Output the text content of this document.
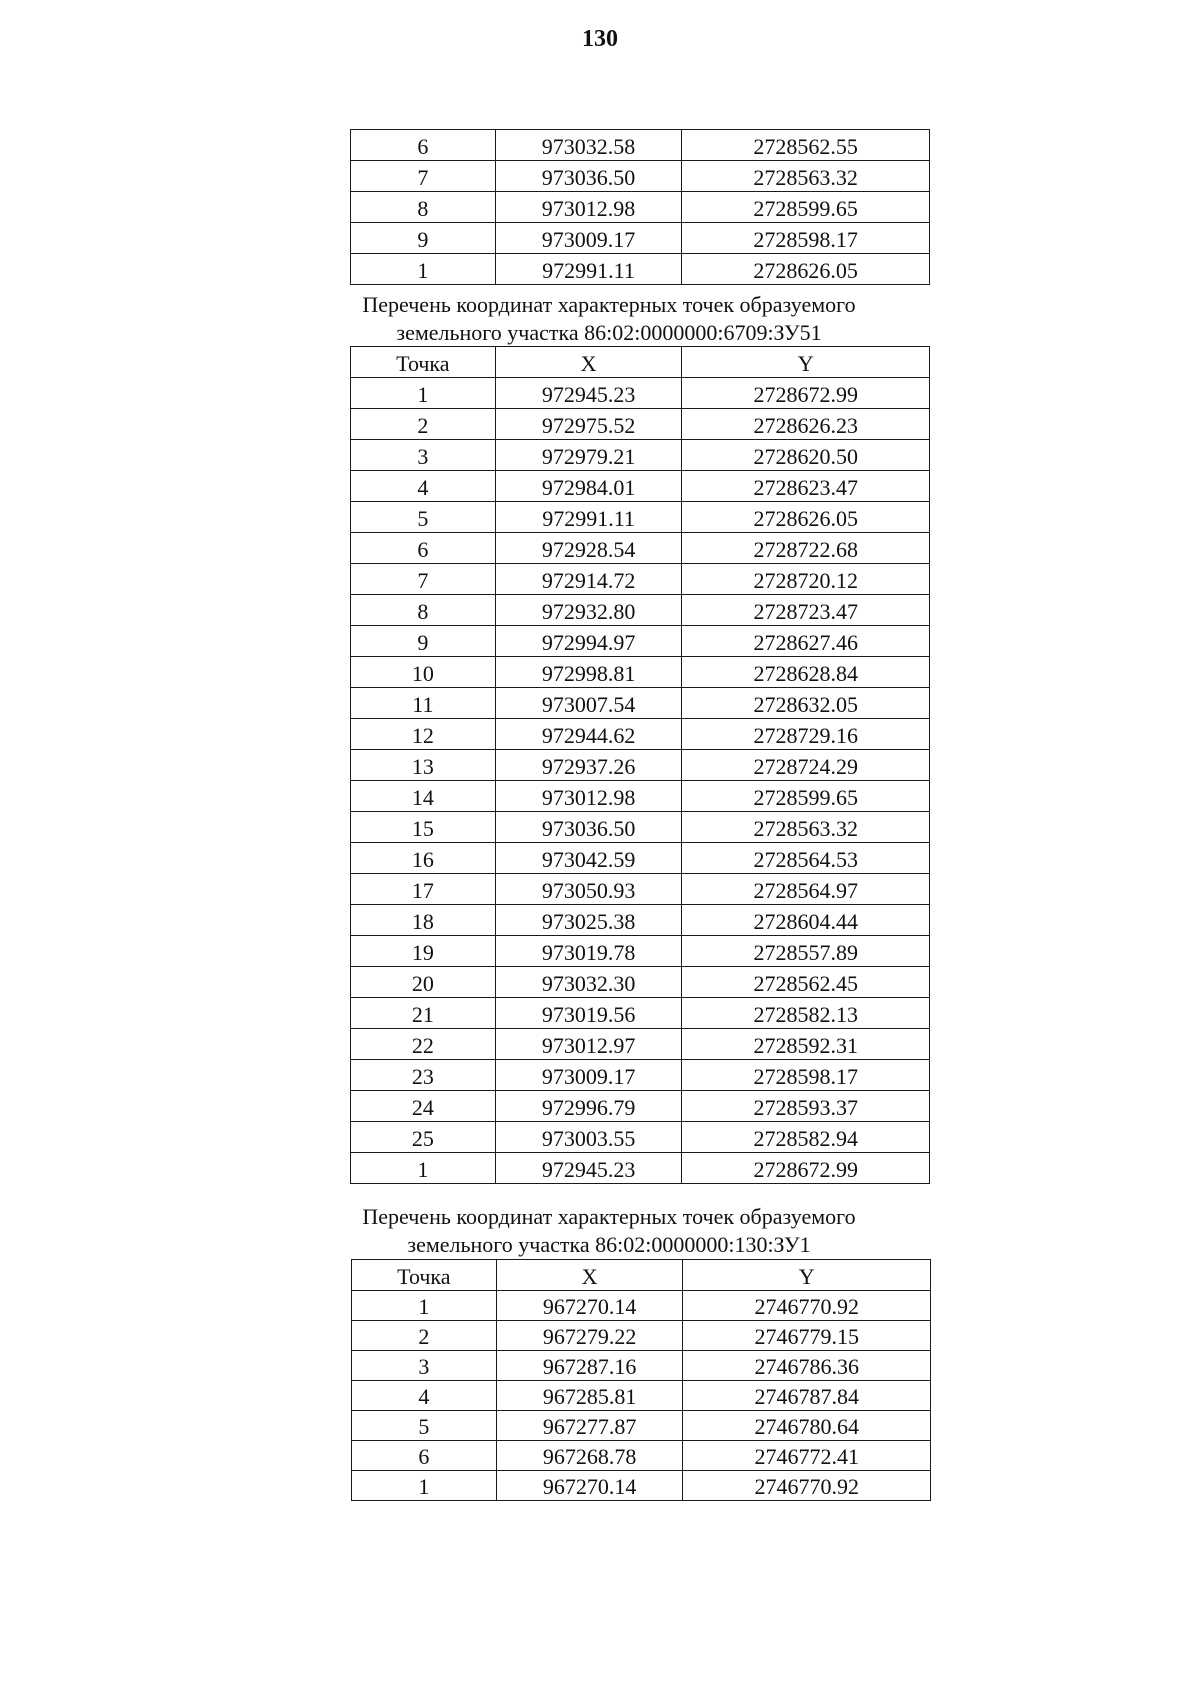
130
6	973032.58	2728562.55
7	973036.50	2728563.32
8	973012.98	2728599.65
9	973009.17	2728598.17
1	972991.11	2728626.05
Перечень координат характерных точек образуемого
земельного участка 86:02:0000000:6709:ЗУ51
Точка	X	Y
1	972945.23	2728672.99
2	972975.52	2728626.23
3	972979.21	2728620.50
4	972984.01	2728623.47
5	972991.11	2728626.05
6	972928.54	2728722.68
7	972914.72	2728720.12
8	972932.80	2728723.47
9	972994.97	2728627.46
10	972998.81	2728628.84
11	973007.54	2728632.05
12	972944.62	2728729.16
13	972937.26	2728724.29
14	973012.98	2728599.65
15	973036.50	2728563.32
16	973042.59	2728564.53
17	973050.93	2728564.97
18	973025.38	2728604.44
19	973019.78	2728557.89
20	973032.30	2728562.45
21	973019.56	2728582.13
22	973012.97	2728592.31
23	973009.17	2728598.17
24	972996.79	2728593.37
25	973003.55	2728582.94
1	972945.23	2728672.99
Перечень координат характерных точек образуемого
земельного участка 86:02:0000000:130:ЗУ1
Точка	X	Y
1	967270.14	2746770.92
2	967279.22	2746779.15
3	967287.16	2746786.36
4	967285.81	2746787.84
5	967277.87	2746780.64
6	967268.78	2746772.41
1	967270.14	2746770.92
